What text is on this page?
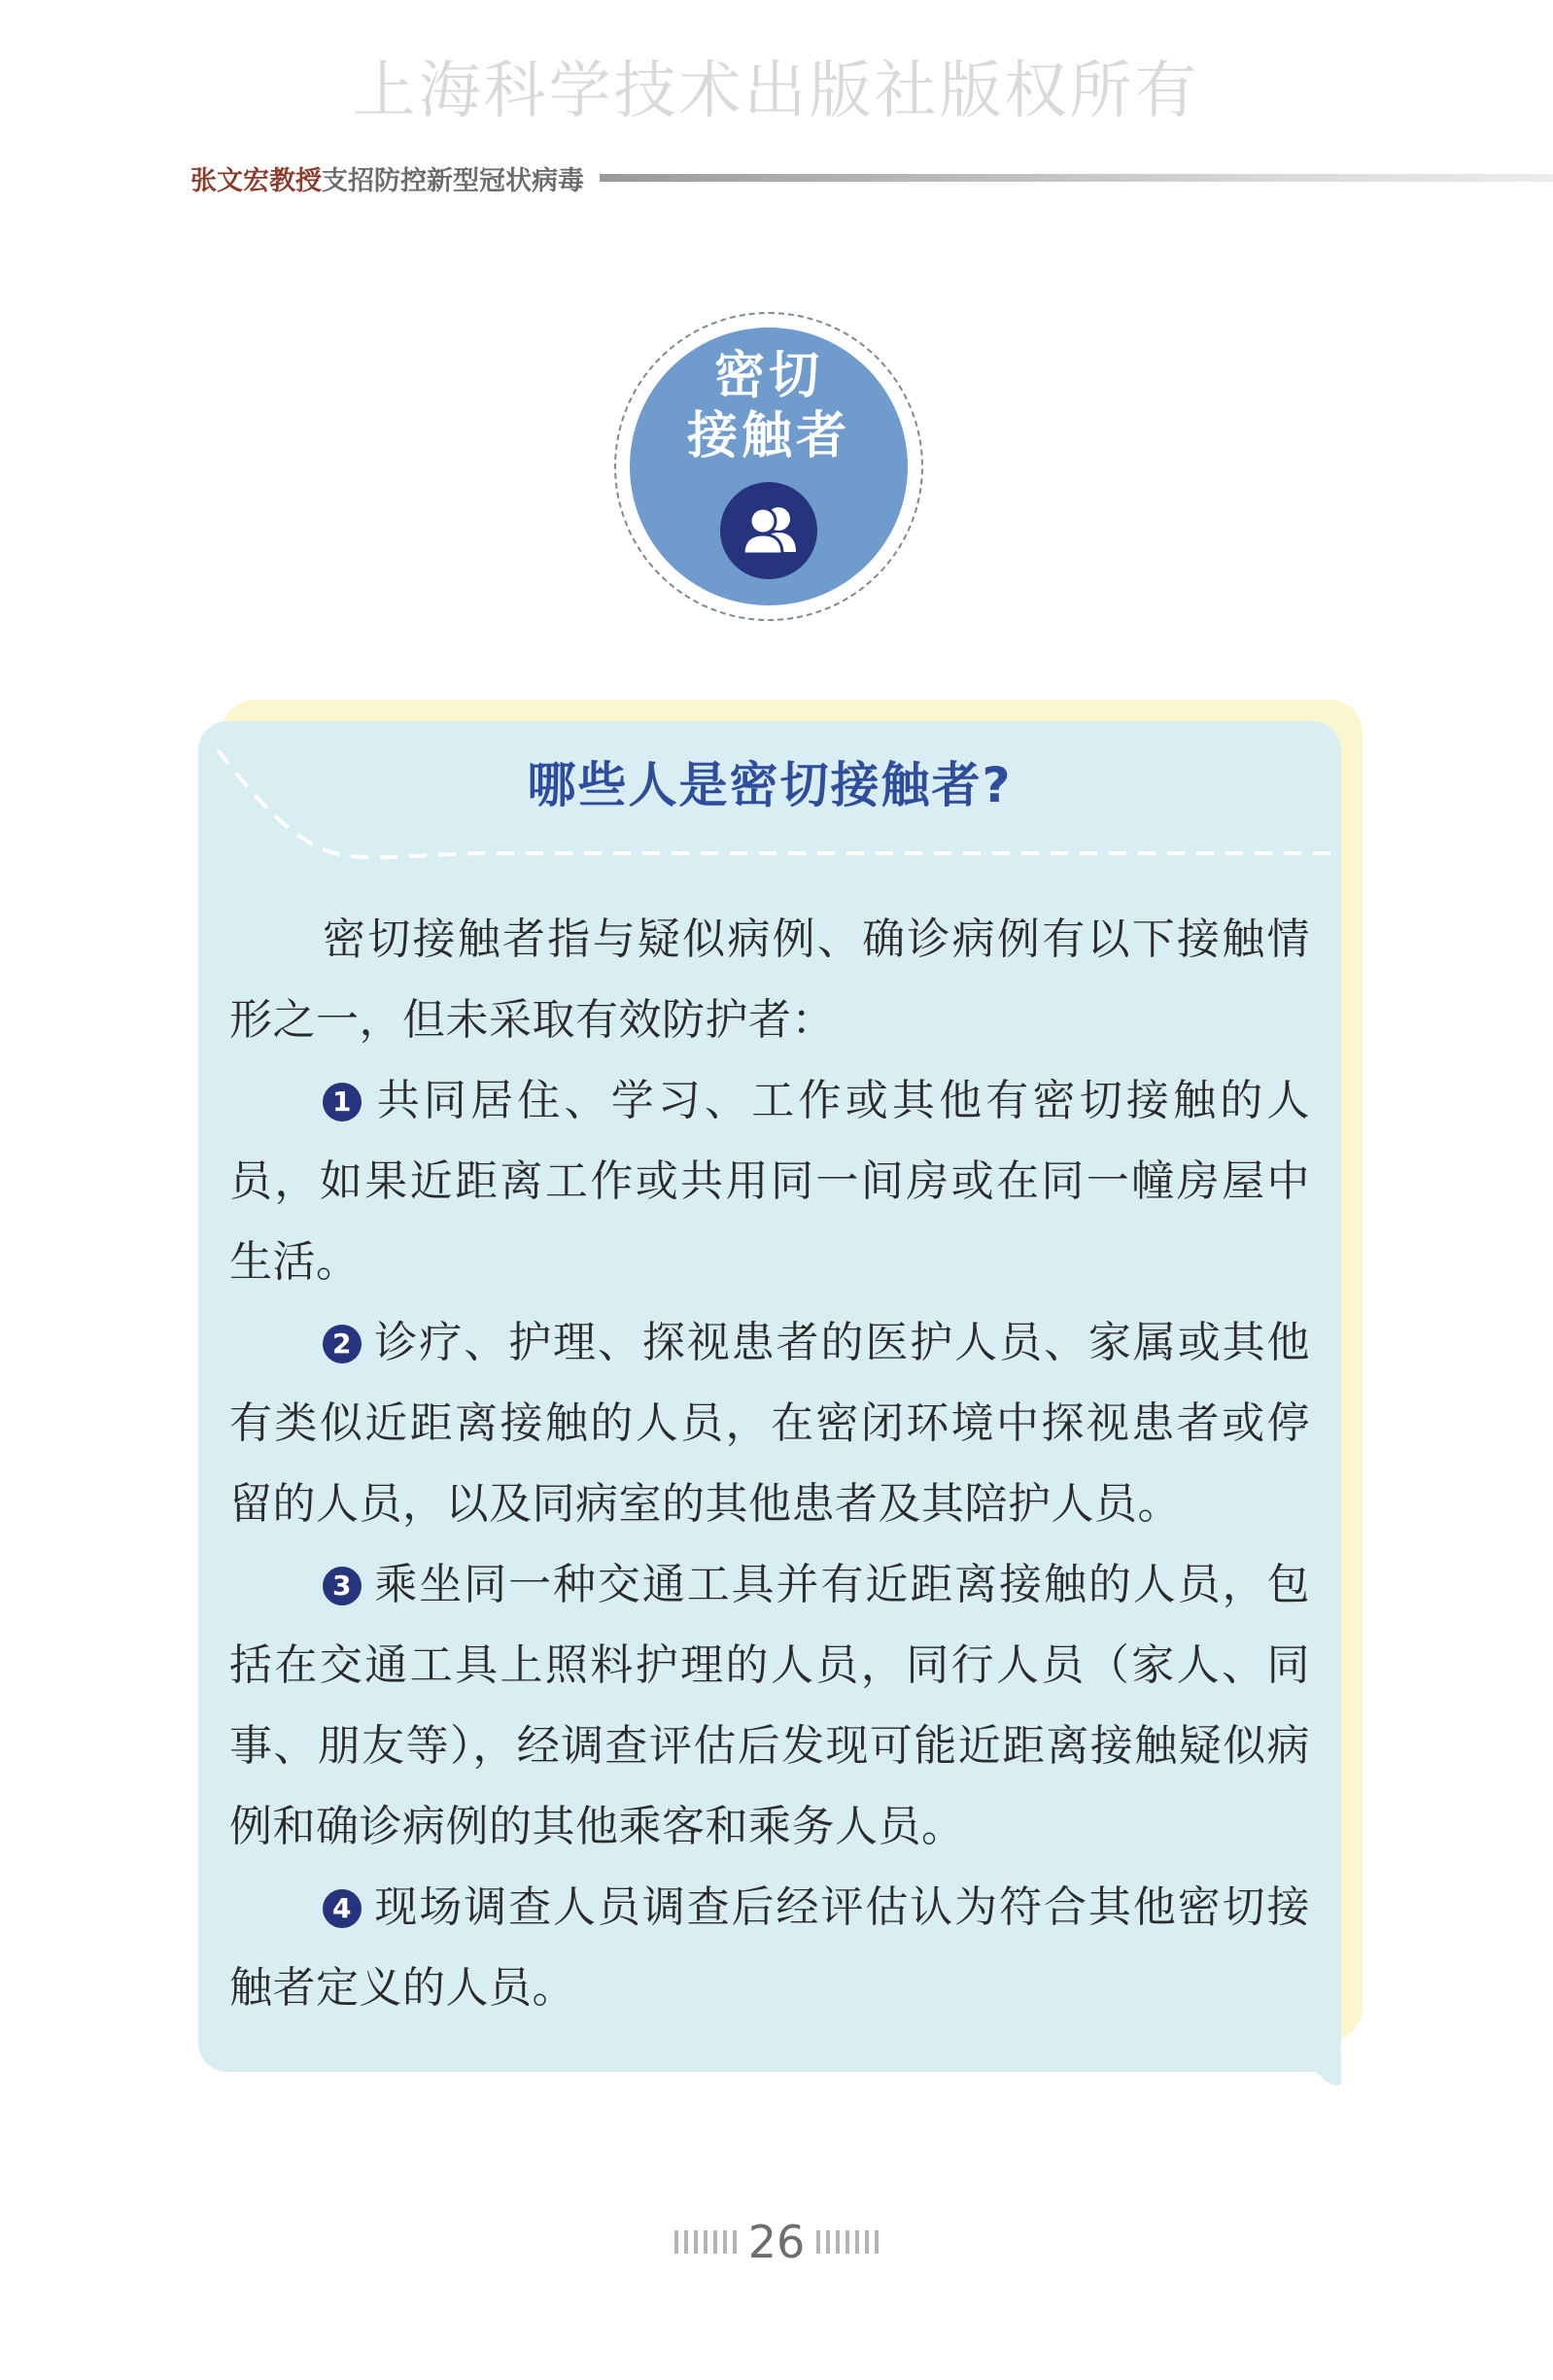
上海科学技术出版社版权所有
张文宏教授 支招防控新型冠状病毒
密切
接触者
哪些人是密切接触者?

密切接触者指与疑似病例、确诊病例有以下接触情形之一，但未采取有效防护者：

1 共同居住、学习、工作或其他有密切接触的人员，如果近距离工作或共用同一间房或在同一幢房屋中生活。

2 诊疗、护理、探视患者的医护人员、家属或其他有类似近距离接触的人员，在密闭环境中探视患者或停留的人员，以及同病室的其他患者及其陪护人员。

3 乘坐同一种交通工具并有近距离接触的人员，包括在交通工具上照料护理的人员，同行人员（家人、同事、朋友等），经调查评估后发现可能近距离接触疑似病例和确诊病例的其他乘客和乘务人员。

4 现场调查人员调查后经评估认为符合其他密切接触者定义的人员。

26
